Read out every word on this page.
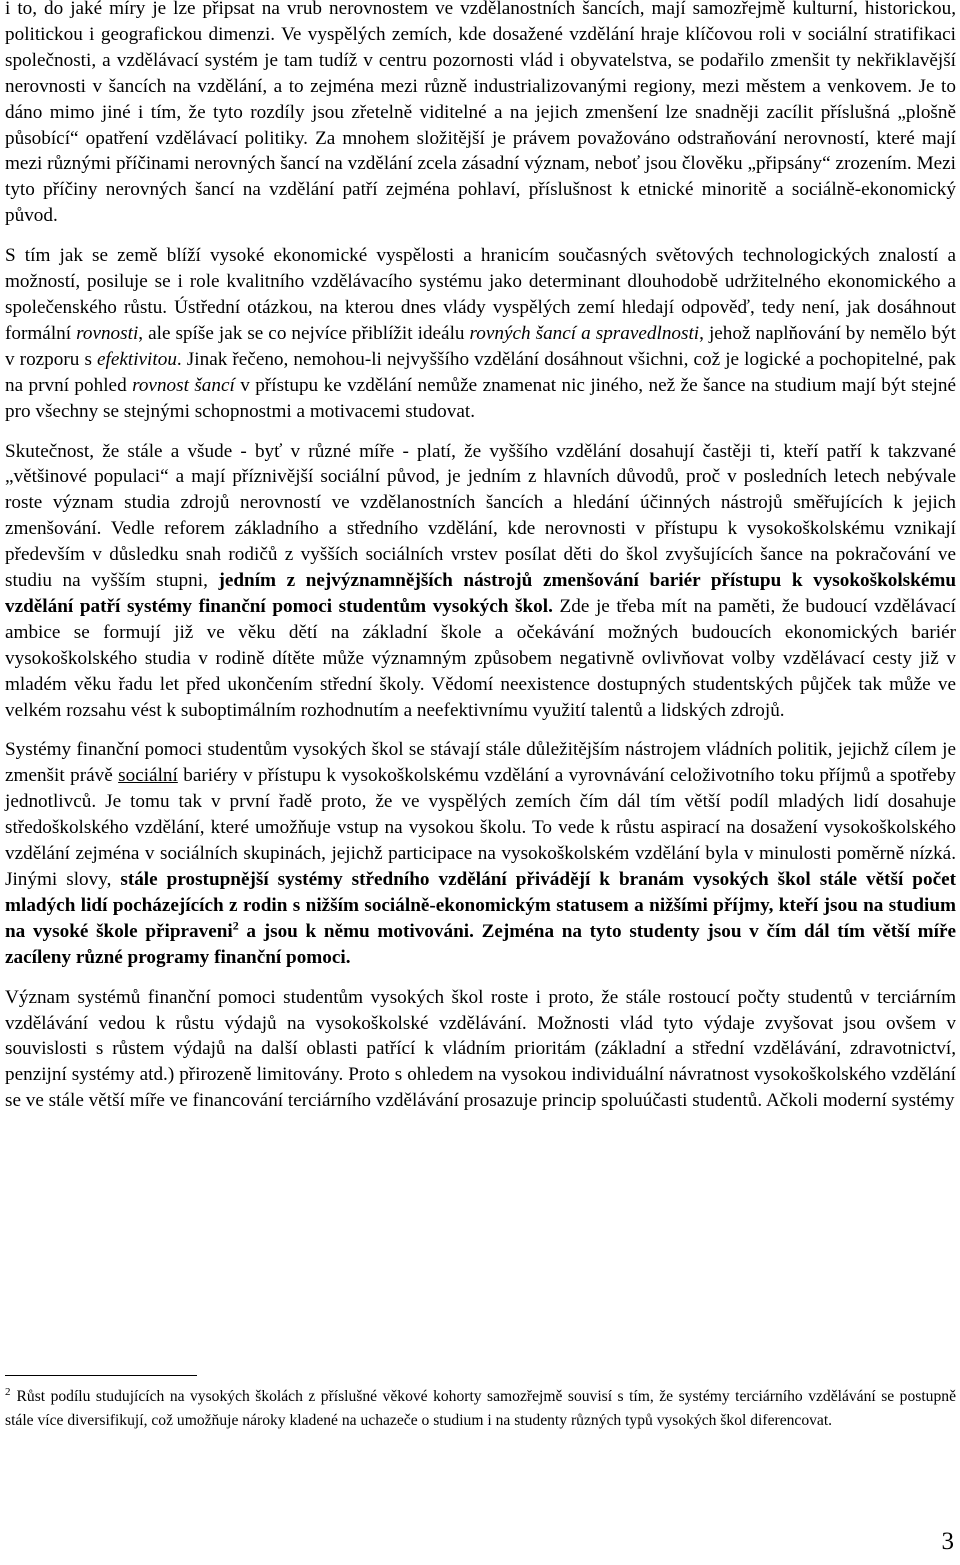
i to, do jaké míry je lze připsat na vrub nerovnostem ve vzdělanostních šancích, mají samozřejmě kulturní, historickou, politickou i geografickou dimenzi. Ve vyspělých zemích, kde dosažené vzdělání hraje klíčovou roli v sociální stratifikaci společnosti, a vzdělávací systém je tam tudíž v centru pozornosti vlád i obyvatelstva, se podařilo zmenšit ty nekřiklavější nerovnosti v šancích na vzdělání, a to zejména mezi různě industrializovanými regiony, mezi městem a venkovem. Je to dáno mimo jiné i tím, že tyto rozdíly jsou zřetelně viditelné a na jejich zmenšení lze snadněji zacílit příslušná „plošně působící“ opatření vzdělávací politiky. Za mnohem složitější je právem považováno odstraňování nerovností, které mají mezi různými příčinami nerovných šancí na vzdělání zcela zásadní význam, neboť jsou člověku „připsány“ zrozením. Mezi tyto příčiny nerovných šancí na vzdělání patří zejména pohlaví, příslušnost k etnické minoritě a sociálně-ekonomický původ.

S tím jak se země blíží vysoké ekonomické vyspělosti a hranicím současných světových technologických znalostí a možností, posiluje se i role kvalitního vzdělávacího systému jako determinant dlouhodobě udržitelného ekonomického a společenského růstu. Ústřední otázkou, na kterou dnes vlády vyspělých zemí hledají odpověď, tedy není, jak dosáhnout formální rovnosti, ale spíše jak se co nejvíce přiblížit ideálu rovných šancí a spravedlnosti, jehož naplňování by nemělo být v rozporu s efektivitou. Jinak řečeno, nemohou-li nejvyššího vzdělání dosáhnout všichni, což je logické a pochopitelné, pak na první pohled rovnost šancí v přístupu ke vzdělání nemůže znamenat nic jiného, než že šance na studium mají být stejné pro všechny se stejnými schopnostmi a motivacemi studovat.

Skutečnost, že stále a všude - byť v různé míře - platí, že vyššího vzdělání dosahují častěji ti, kteří patří k takzvané „většinové populaci“ a mají příznivější sociální původ, je jedním z hlavních důvodů, proč v posledních letech nebývale roste význam studia zdrojů nerovností ve vzdělanostních šancích a hledání účinných nástrojů směřujících k jejich zmenšování. Vedle reforem základního a středního vzdělání, kde nerovnosti v přístupu k vysokoškolskému vznikají především v důsledku snah rodičů z vyšších sociálních vrstev posílat děti do škol zvyšujících šance na pokračování ve studiu na vyšším stupni, jedním z nejvýznamnějších nástrojů zmenšování bariér přístupu k vysokoškolskému vzdělání patří systémy finanční pomoci studentům vysokých škol. Zde je třeba mít na paměti, že budoucí vzdělávací ambice se formují již ve věku dětí na základní škole a očekávání možných budoucích ekonomických bariér vysokoškolského studia v rodině dítěte může významným způsobem negativně ovlivňovat volby vzdělávací cesty již v mladém věku řadu let před ukončením střední školy. Vědomí neexistence dostupných studentských půjček tak může ve velkém rozsahu vést k suboptimálním rozhodnutím a neefektivnímu využití talentů a lidských zdrojů.

Systémy finanční pomoci studentům vysokých škol se stávají stále důležitějším nástrojem vládních politik, jejichž cílem je zmenšit právě sociální bariéry v přístupu k vysokoškolskému vzdělání a vyrovnávání celoživotního toku příjmů a spotřeby jednotlivců. Je tomu tak v první řadě proto, že ve vyspělých zemích čím dál tím větší podíl mladých lidí dosahuje středoškolského vzdělání, které umožňuje vstup na vysokou školu. To vede k růstu aspirací na dosažení vysokoškolského vzdělání zejména v sociálních skupinách, jejichž participace na vysokoškolském vzdělání byla v minulosti poměrně nízká. Jinými slovy, stále prostupnější systémy středního vzdělání přivádějí k branám vysokých škol stále větší počet mladých lidí pocházejících z rodin s nižším sociálně-ekonomickým statusem a nižšími příjmy, kteří jsou na studium na vysoké škole připraveni$^2$ a jsou k němu motivováni. Zejména na tyto studenty jsou v čím dál tím větší míře zacíleny různé programy finanční pomoci.

Význam systémů finanční pomoci studentům vysokých škol roste i proto, že stále rostoucí počty studentů v terciárním vzdělávání vedou k růstu výdajů na vysokoškolské vzdělávání. Možnosti vlád tyto výdaje zvyšovat jsou ovšem v souvislosti s růstem výdajů na další oblasti patřící k vládním prioritám (základní a střední vzdělávání, zdravotnictví, penzijní systémy atd.) přirozeně limitovány. Proto s ohledem na vysokou individuální návratnost vysokoškolského vzdělání se ve stále větší míře ve financování terciárního vzdělávání prosazuje princip spoluúčasti studentů. Ačkoli moderní systémy

$^2$ Růst podílu studujících na vysokých školách z příslušné věkové kohorty samozřejmě souvisí s tím, že systémy terciárního vzdělávání se postupně stále více diversifikují, což umožňuje nároky kladené na uchazeče o studium i na studenty různých typů vysokých škol diferencovat.

3
